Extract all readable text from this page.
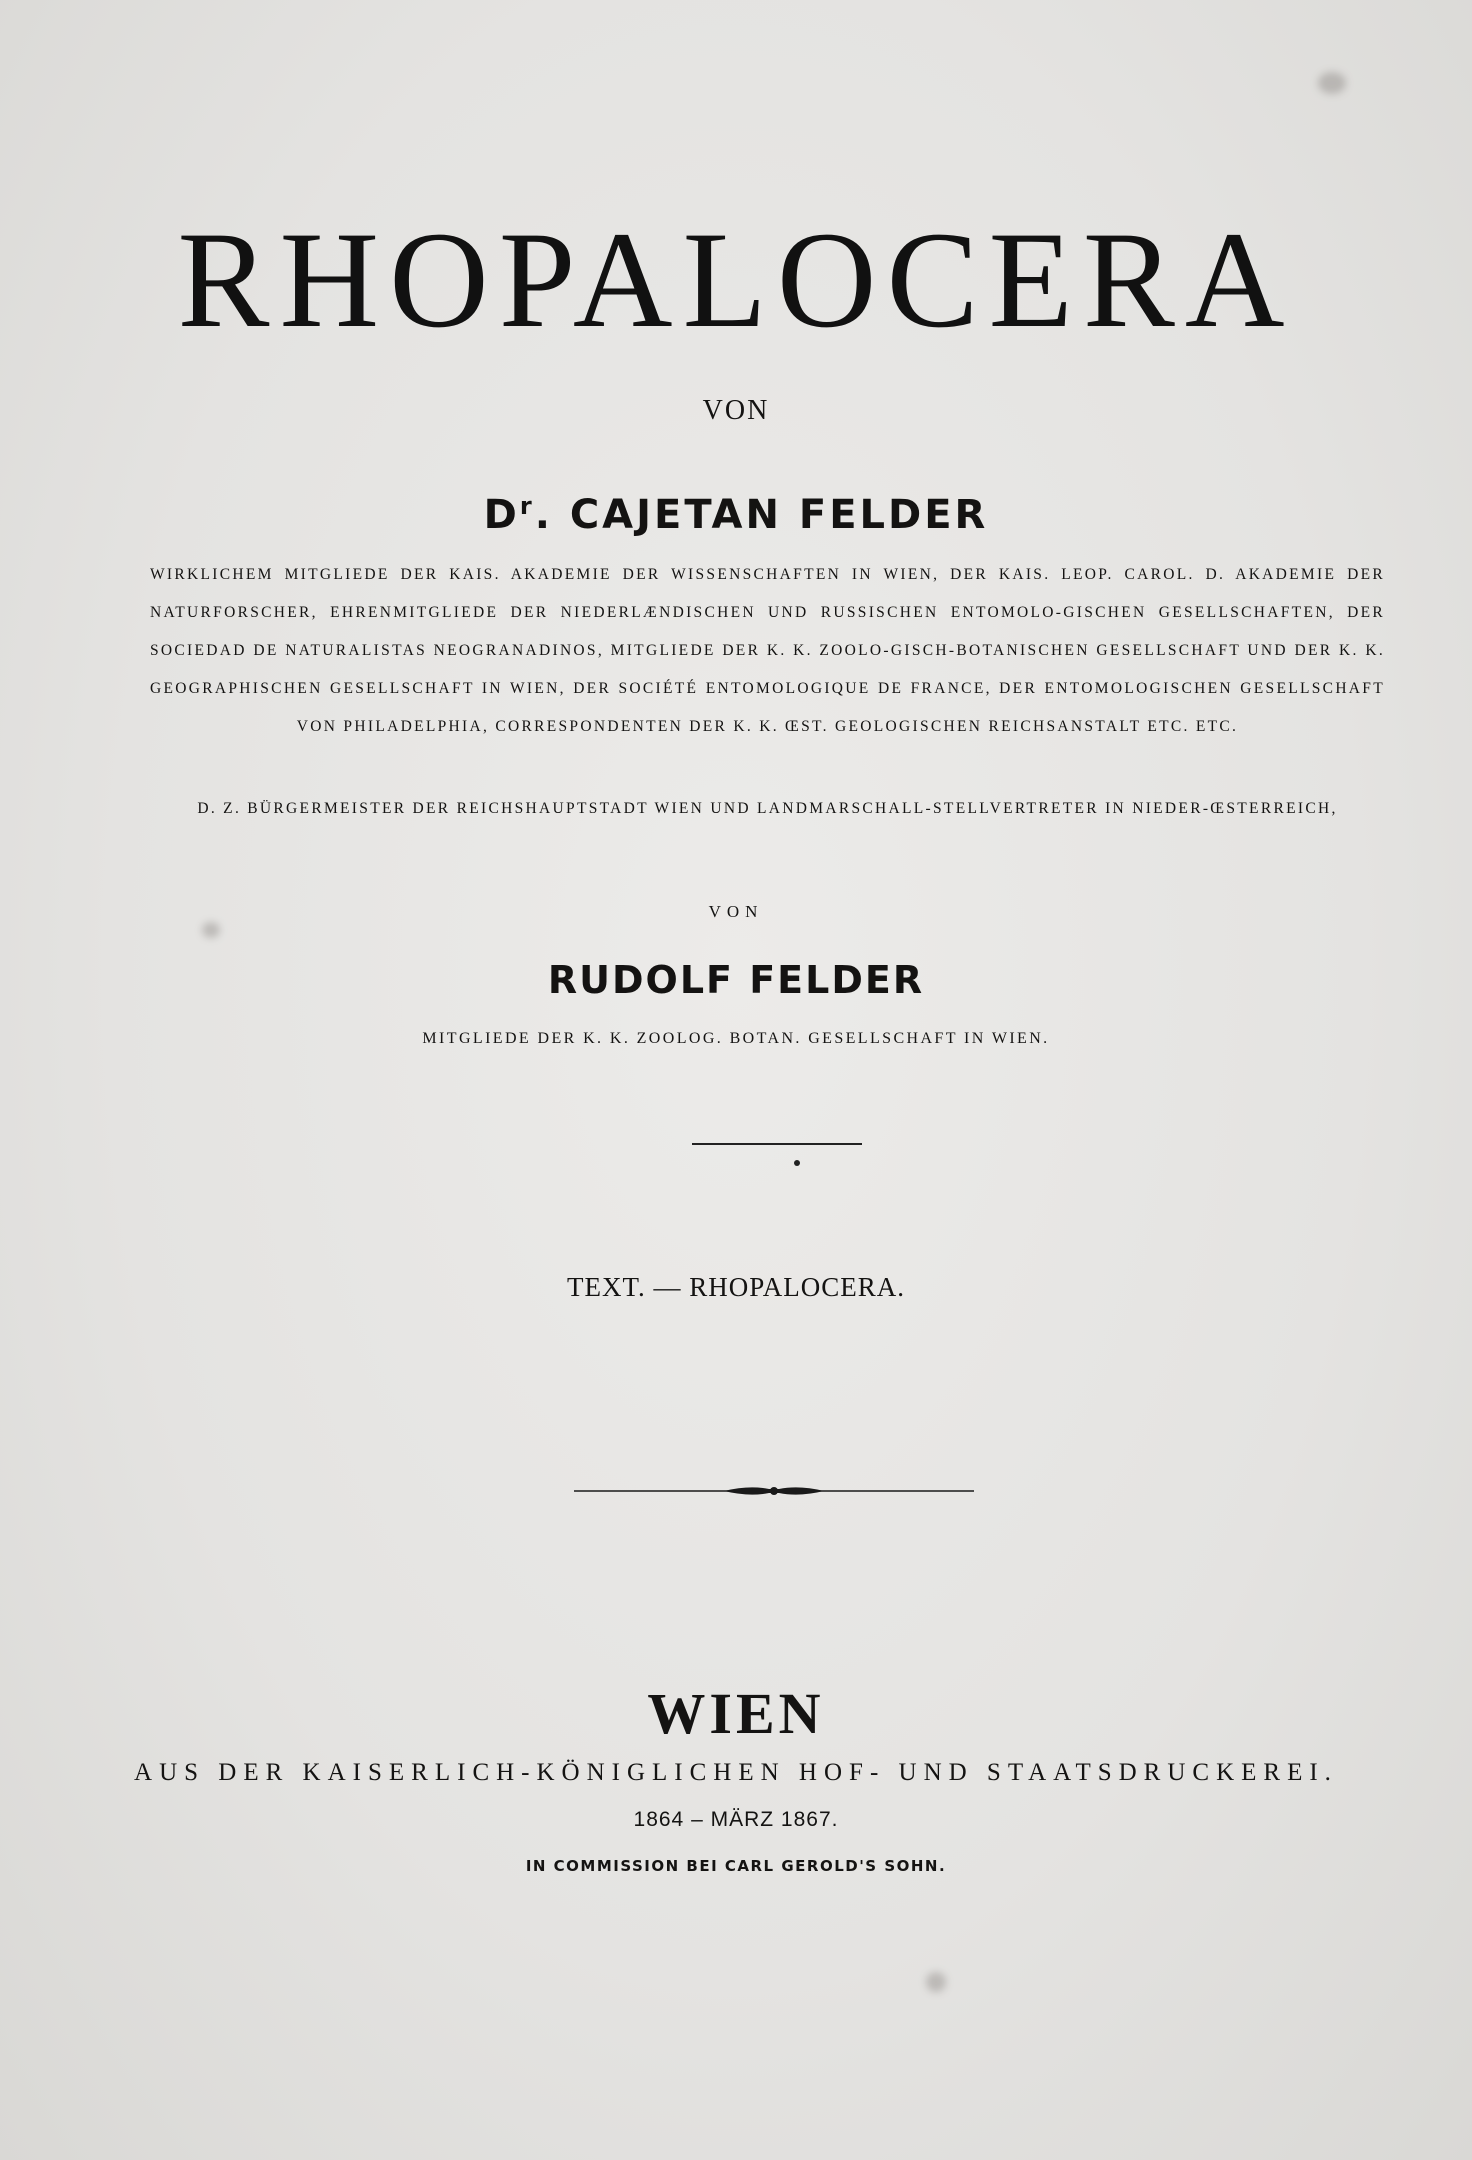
RHOPALOCERA
VON
$D^r$. CAJETAN FELDER
WIRKLICHEM MITGLIEDE DER KAIS. AKADEMIE DER WISSENSCHAFTEN IN WIEN, DER KAIS. LEOP. CAROL. D. AKADEMIE DER NATURFORSCHER, EHRENMITGLIEDE DER NIEDERLÆNDISCHEN UND RUSSISCHEN ENTOMOLO-GISCHEN GESELLSCHAFTEN, DER SOCIEDAD DE NATURALISTAS NEOGRANADINOS, MITGLIEDE DER K. K. ZOOLO-GISCH-BOTANISCHEN GESELLSCHAFT UND DER K. K. GEOGRAPHISCHEN GESELLSCHAFT IN WIEN, DER SOCIÉTÉ ENTOMOLOGIQUE DE FRANCE, DER ENTOMOLOGISCHEN GESELLSCHAFT VON PHILADELPHIA, CORRESPONDENTEN DER K. K. ŒST. GEOLOGISCHEN REICHSANSTALT ETC. ETC.
D. Z. BÜRGERMEISTER DER REICHSHAUPTSTADT WIEN UND LANDMARSCHALL-STELLVERTRETER IN NIEDER-ŒSTERREICH,
VON
RUDOLF FELDER
MITGLIEDE DER K. K. ZOOLOG. BOTAN. GESELLSCHAFT IN WIEN.
TEXT. — RHOPALOCERA.
WIEN
AUS DER KAISERLICH-KÖNIGLICHEN HOF- UND STAATSDRUCKEREI.
1864 – MÄRZ 1867.
IN COMMISSION BEI CARL GEROLD'S SOHN.
